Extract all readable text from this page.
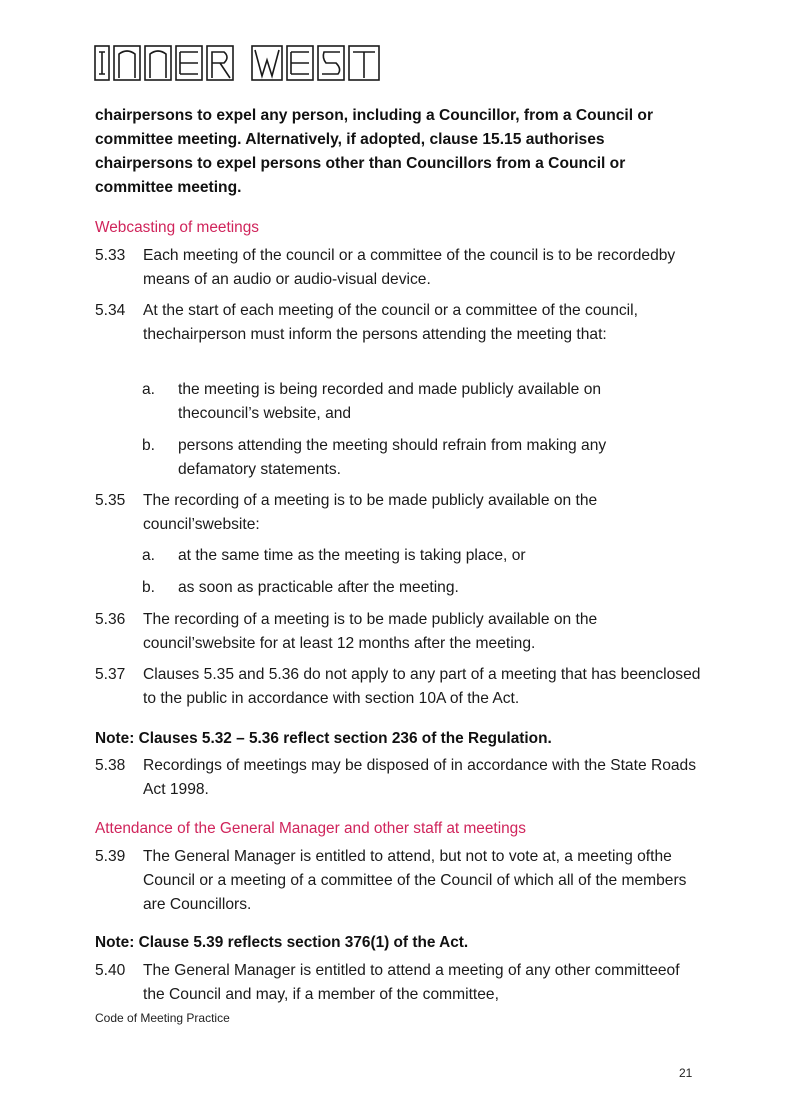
chairpersons to expel any person, including a Councillor, from a Council or committee meeting. Alternatively, if adopted, clause 15.15 authorises chairpersons to expel persons other than Councillors from a Council or committee meeting.
Webcasting of meetings
5.33 Each meeting of the council or a committee of the council is to be recordedby means of an audio or audio-visual device.
5.34 At the start of each meeting of the council or a committee of the council, thechairperson must inform the persons attending the meeting that:
a. the meeting is being recorded and made publicly available on thecouncil’s website, and
b. persons attending the meeting should refrain from making any defamatory statements.
5.35 The recording of a meeting is to be made publicly available on the council’swebsite:
a. at the same time as the meeting is taking place, or
b. as soon as practicable after the meeting.
5.36 The recording of a meeting is to be made publicly available on the council’swebsite for at least 12 months after the meeting.
5.37 Clauses 5.35 and 5.36 do not apply to any part of a meeting that has beenclosed to the public in accordance with section 10A of the Act.
Note: Clauses 5.32 – 5.36 reflect section 236 of the Regulation.
5.38 Recordings of meetings may be disposed of in accordance with the State Roads Act 1998.
Attendance of the General Manager and other staff at meetings
5.39 The General Manager is entitled to attend, but not to vote at, a meeting ofthe Council or a meeting of a committee of the Council of which all of the members are Councillors.
Note: Clause 5.39 reflects section 376(1) of the Act.
5.40 The General Manager is entitled to attend a meeting of any other committeeof the Council and may, if a member of the committee,
Code of Meeting Practice
21
